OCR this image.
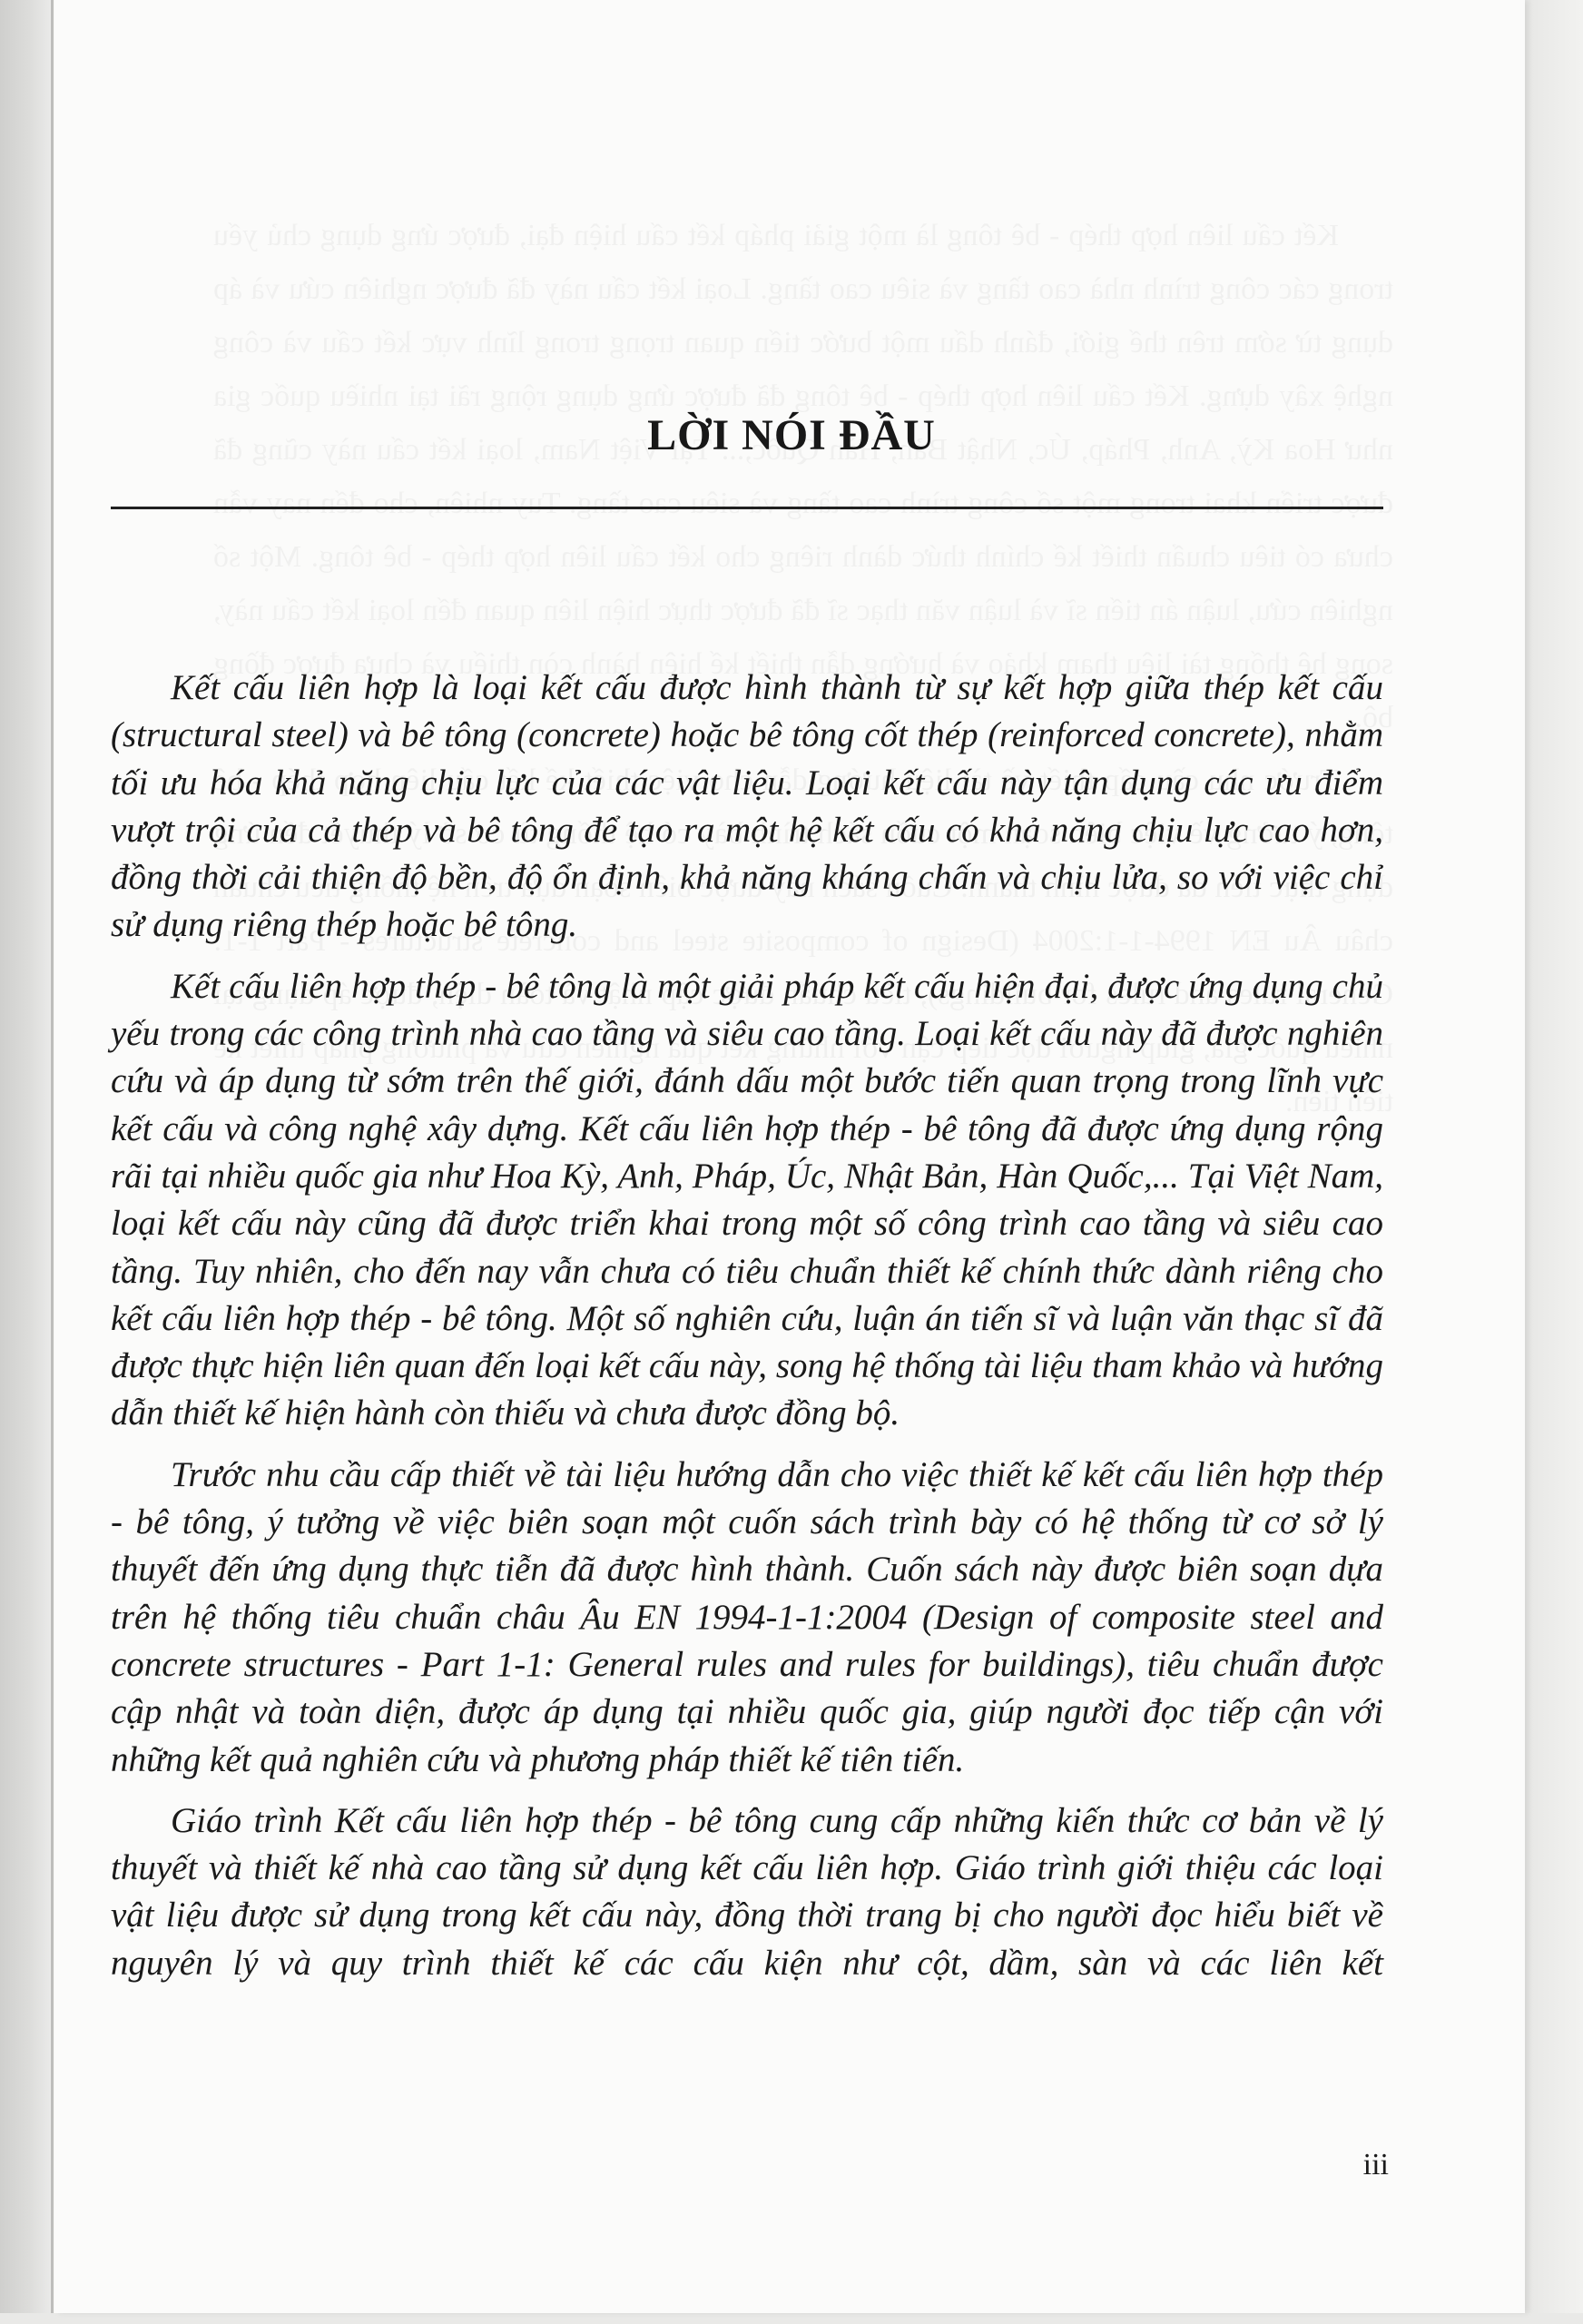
LỜI NÓI ĐẦU

Kết cấu liên hợp là loại kết cấu được hình thành từ sự kết hợp giữa thép kết cấu (structural steel) và bê tông (concrete) hoặc bê tông cốt thép (reinforced concrete), nhằm tối ưu hóa khả năng chịu lực của các vật liệu. Loại kết cấu này tận dụng các ưu điểm vượt trội của cả thép và bê tông để tạo ra một hệ kết cấu có khả năng chịu lực cao hơn, đồng thời cải thiện độ bền, độ ổn định, khả năng kháng chấn và chịu lửa, so với việc chỉ sử dụng riêng thép hoặc bê tông.

Kết cấu liên hợp thép - bê tông là một giải pháp kết cấu hiện đại, được ứng dụng chủ yếu trong các công trình nhà cao tầng và siêu cao tầng. Loại kết cấu này đã được nghiên cứu và áp dụng từ sớm trên thế giới, đánh dấu một bước tiến quan trọng trong lĩnh vực kết cấu và công nghệ xây dựng. Kết cấu liên hợp thép - bê tông đã được ứng dụng rộng rãi tại nhiều quốc gia như Hoa Kỳ, Anh, Pháp, Úc, Nhật Bản, Hàn Quốc,... Tại Việt Nam, loại kết cấu này cũng đã được triển khai trong một số công trình cao tầng và siêu cao tầng. Tuy nhiên, cho đến nay vẫn chưa có tiêu chuẩn thiết kế chính thức dành riêng cho kết cấu liên hợp thép - bê tông. Một số nghiên cứu, luận án tiến sĩ và luận văn thạc sĩ đã được thực hiện liên quan đến loại kết cấu này, song hệ thống tài liệu tham khảo và hướng dẫn thiết kế hiện hành còn thiếu và chưa được đồng bộ.

Trước nhu cầu cấp thiết về tài liệu hướng dẫn cho việc thiết kế kết cấu liên hợp thép - bê tông, ý tưởng về việc biên soạn một cuốn sách trình bày có hệ thống từ cơ sở lý thuyết đến ứng dụng thực tiễn đã được hình thành. Cuốn sách này được biên soạn dựa trên hệ thống tiêu chuẩn châu Âu EN 1994-1-1:2004 (Design of composite steel and concrete structures - Part 1-1: General rules and rules for buildings), tiêu chuẩn được cập nhật và toàn diện, được áp dụng tại nhiều quốc gia, giúp người đọc tiếp cận với những kết quả nghiên cứu và phương pháp thiết kế tiên tiến.

Giáo trình Kết cấu liên hợp thép - bê tông cung cấp những kiến thức cơ bản về lý thuyết và thiết kế nhà cao tầng sử dụng kết cấu liên hợp. Giáo trình giới thiệu các loại vật liệu được sử dụng trong kết cấu này, đồng thời trang bị cho người đọc hiểu biết về nguyên lý và quy trình thiết kế các cấu kiện như cột, dầm, sàn và các liên kết

iii
